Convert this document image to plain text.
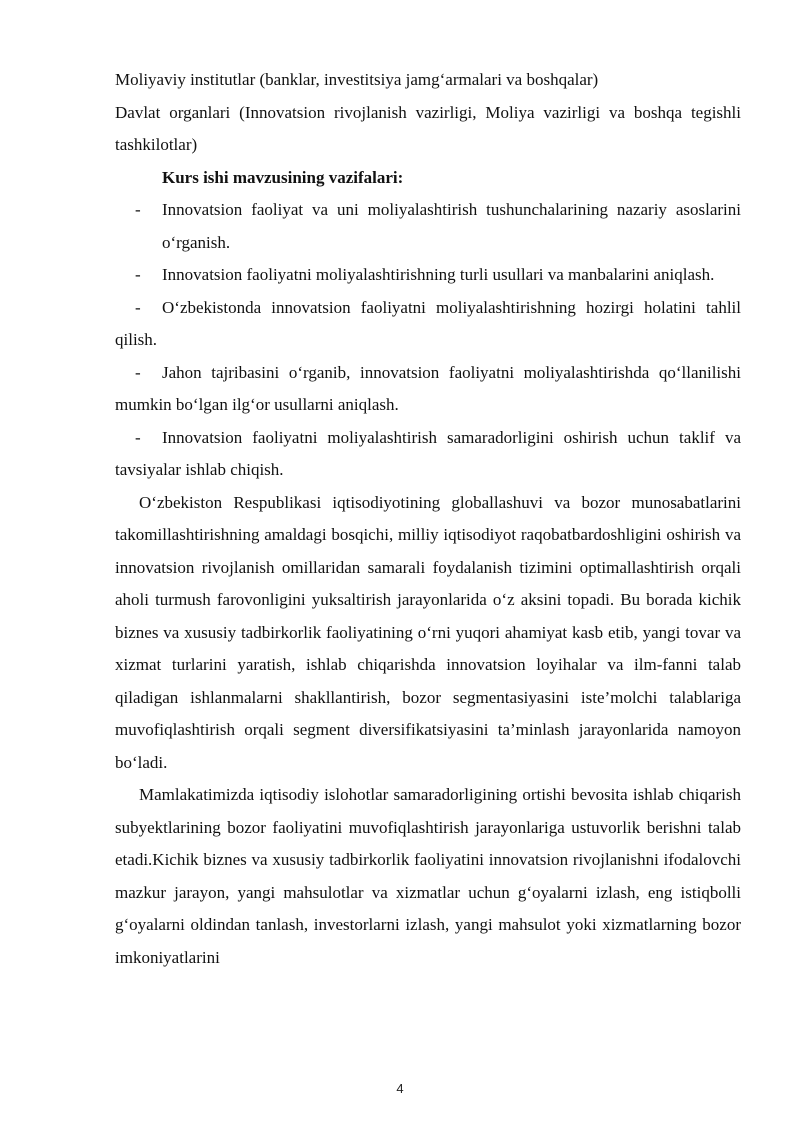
Moliyaviy institutlar (banklar, investitsiya jamg‘armalari va boshqalar)

Davlat organlari (Innovatsion rivojlanish vazirligi, Moliya vazirligi va boshqa tegishli tashkilotlar)

Kurs ishi mavzusining vazifalari:

- Innovatsion faoliyat va uni moliyalashtirish tushunchalarining nazariy asoslarini o‘rganish.

- Innovatsion faoliyatni moliyalashtirishning turli usullari va manbalarini aniqlash.

- O‘zbekistonda innovatsion faoliyatni moliyalashtirishning hozirgi holatini tahlil qilish.

- Jahon tajribasini o‘rganib, innovatsion faoliyatni moliyalashtirishda qo‘llanilishi mumkin bo‘lgan ilg‘or usullarni aniqlash.

- Innovatsion faoliyatni moliyalashtirish samaradorligini oshirish uchun taklif va tavsiyalar ishlab chiqish.

O‘zbekiston Respublikasi iqtisodiyotining globallashuvi va bozor munosabatlarini takomillashtirishning amaldagi bosqichi, milliy iqtisodiyot raqobatbardoshligini oshirish va innovatsion rivojlanish omillaridan samarali foydalanish tizimini optimallashtirish orqali aholi turmush farovonligini yuksaltirish jarayonlarida o‘z aksini topadi. Bu borada kichik biznes va xususiy tadbirkorlik faoliyatining o‘rni yuqori ahamiyat kasb etib, yangi tovar va xizmat turlarini yaratish, ishlab chiqarishda innovatsion loyihalar va ilm-fanni talab qiladigan ishlanmalarni shakllantirish, bozor segmentasiyasini iste’molchi talablariga muvofiqlashtirish orqali segment diversifikatsiyasini ta’minlash jarayonlarida namoyon bo‘ladi.

Mamlakatimizda iqtisodiy islohotlar samaradorligining ortishi bevosita ishlab chiqarish subyektlarining bozor faoliyatini muvofiqlashtirish jarayonlariga ustuvorlik berishni talab etadi.Kichik biznes va xususiy tadbirkorlik faoliyatini innovatsion rivojlanishni ifodalovchi mazkur jarayon, yangi mahsulotlar va xizmatlar uchun g‘oyalarni izlash, eng istiqbolli g‘oyalarni oldindan tanlash, investorlarni izlash, yangi mahsulot yoki xizmatlarning bozor imkoniyatlarini

4
